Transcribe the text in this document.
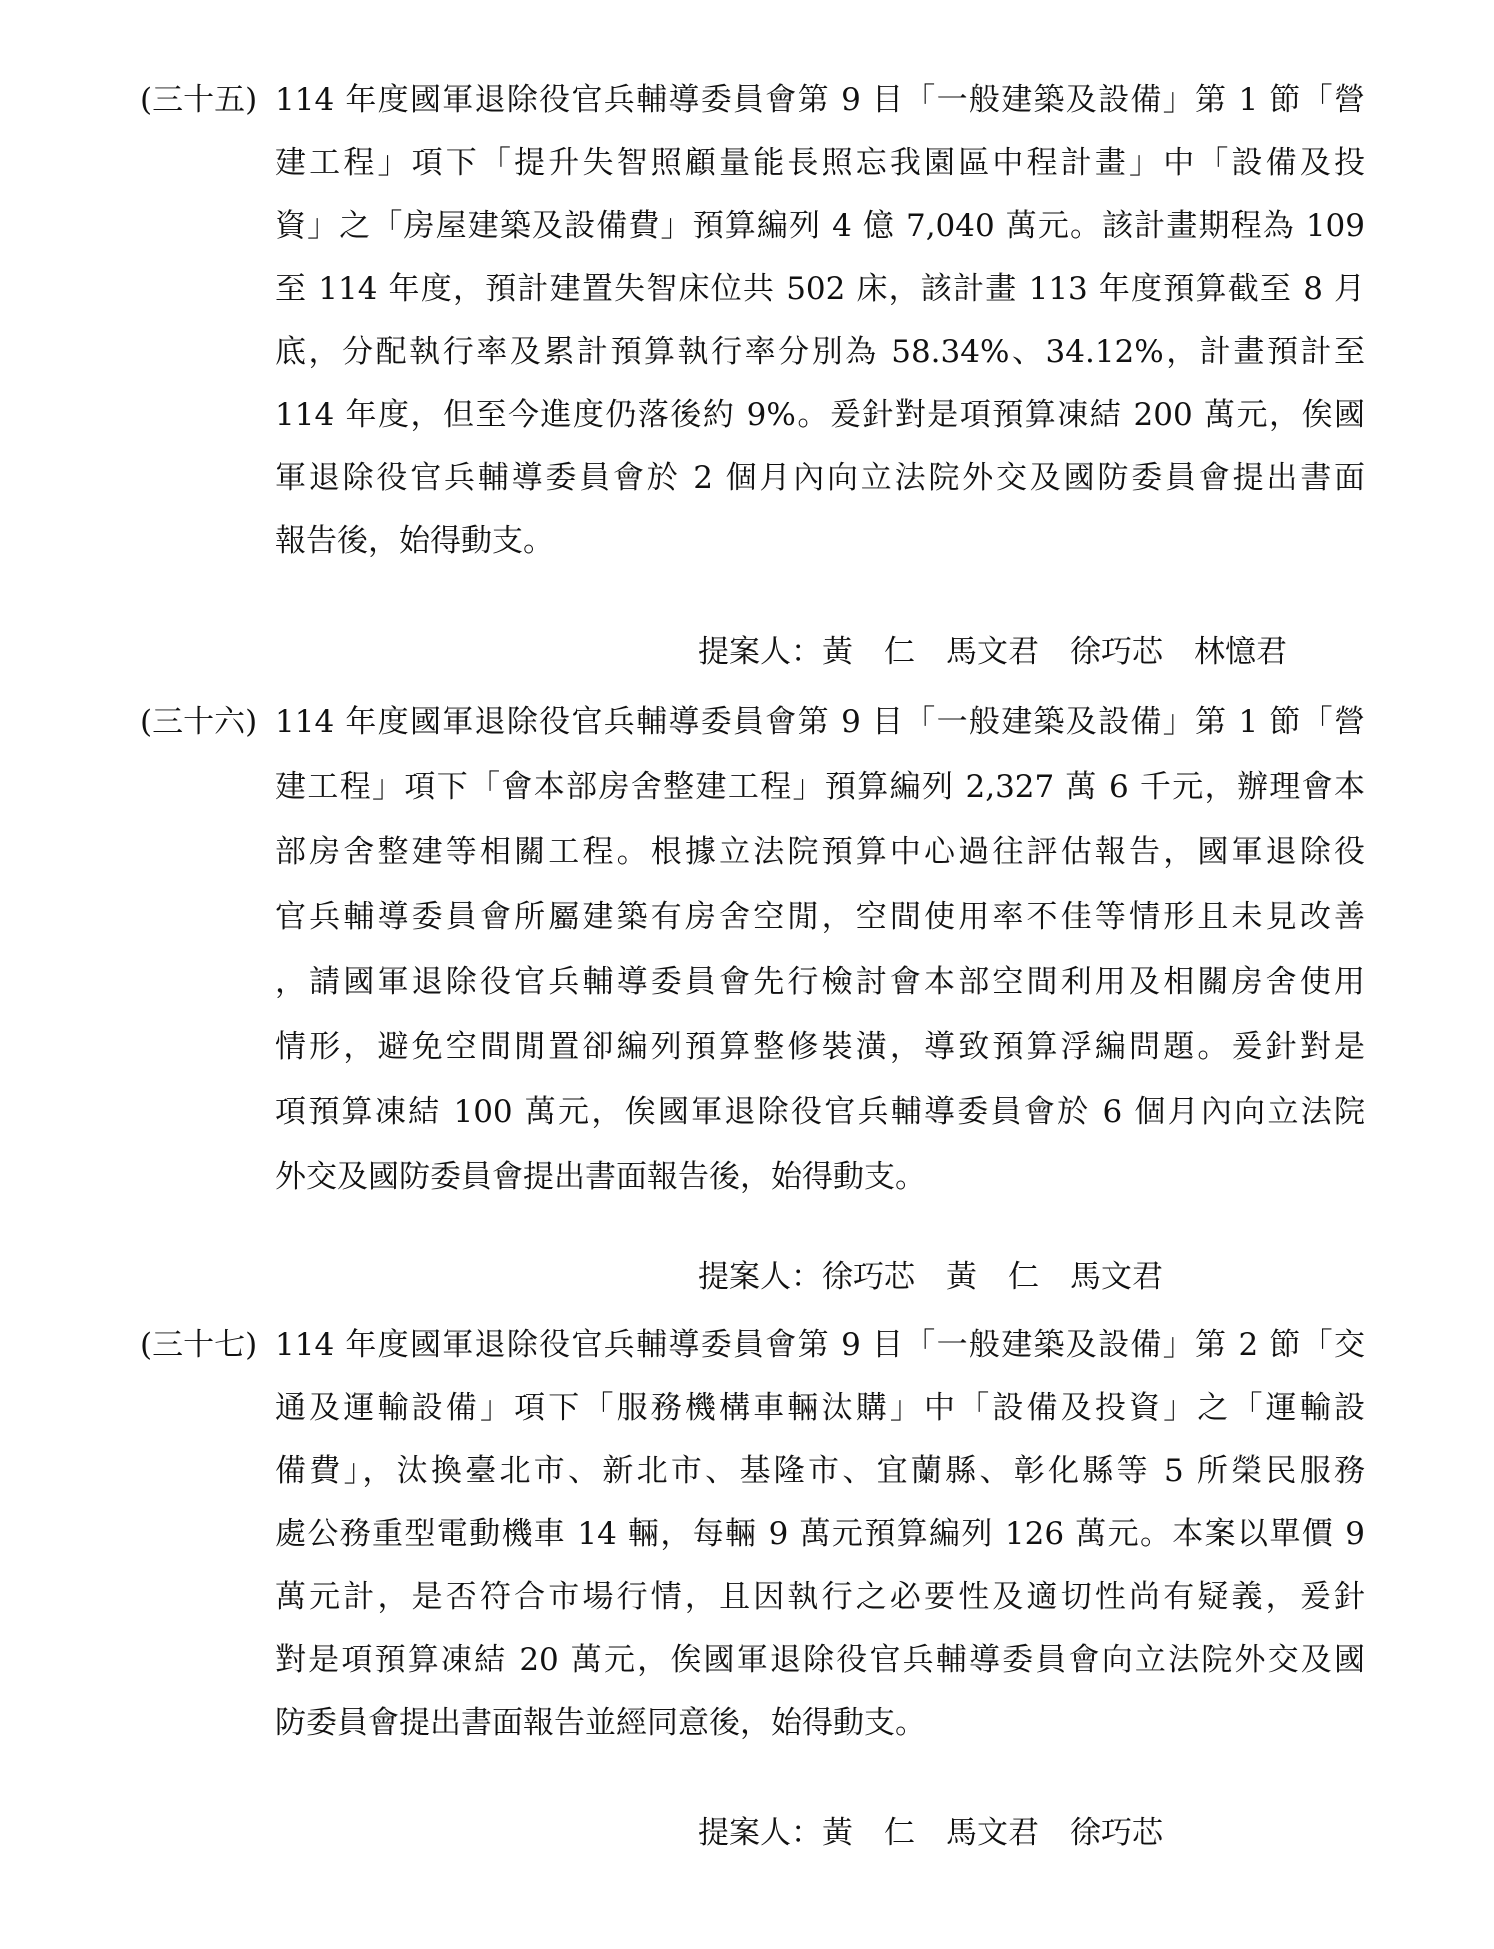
(三十五) 114 年度國軍退除役官兵輔導委員會第 9 目「一般建築及設備」第 1 節「營
建工程」項下「提升失智照顧量能長照忘我園區中程計畫」中「設備及投
資」之「房屋建築及設備費」預算編列 4 億 7,040 萬元。該計畫期程為 109
至 114 年度，預計建置失智床位共 502 床，該計畫 113 年度預算截至 8 月
底，分配執行率及累計預算執行率分別為 58.34%、34.12%，計畫預計至
114 年度，但至今進度仍落後約 9%。爰針對是項預算凍結 200 萬元，俟國
軍退除役官兵輔導委員會於 2 個月內向立法院外交及國防委員會提出書面
報告後，始得動支。
提案人：黃　仁　馬文君　徐巧芯　林憶君
(三十六) 114 年度國軍退除役官兵輔導委員會第 9 目「一般建築及設備」第 1 節「營
建工程」項下「會本部房舍整建工程」預算編列 2,327 萬 6 千元，辦理會本
部房舍整建等相關工程。根據立法院預算中心過往評估報告，國軍退除役
官兵輔導委員會所屬建築有房舍空閒，空間使用率不佳等情形且未見改善
，請國軍退除役官兵輔導委員會先行檢討會本部空間利用及相關房舍使用
情形，避免空間閒置卻編列預算整修裝潢，導致預算浮編問題。爰針對是
項預算凍結 100 萬元，俟國軍退除役官兵輔導委員會於 6 個月內向立法院
外交及國防委員會提出書面報告後，始得動支。
提案人：徐巧芯　黃　仁　馬文君
(三十七) 114 年度國軍退除役官兵輔導委員會第 9 目「一般建築及設備」第 2 節「交
通及運輸設備」項下「服務機構車輛汰購」中「設備及投資」之「運輸設
備費」，汰換臺北市、新北市、基隆市、宜蘭縣、彰化縣等 5 所榮民服務
處公務重型電動機車 14 輛，每輛 9 萬元預算編列 126 萬元。本案以單價 9
萬元計，是否符合市場行情，且因執行之必要性及適切性尚有疑義，爰針
對是項預算凍結 20 萬元，俟國軍退除役官兵輔導委員會向立法院外交及國
防委員會提出書面報告並經同意後，始得動支。
提案人：黃　仁　馬文君　徐巧芯
